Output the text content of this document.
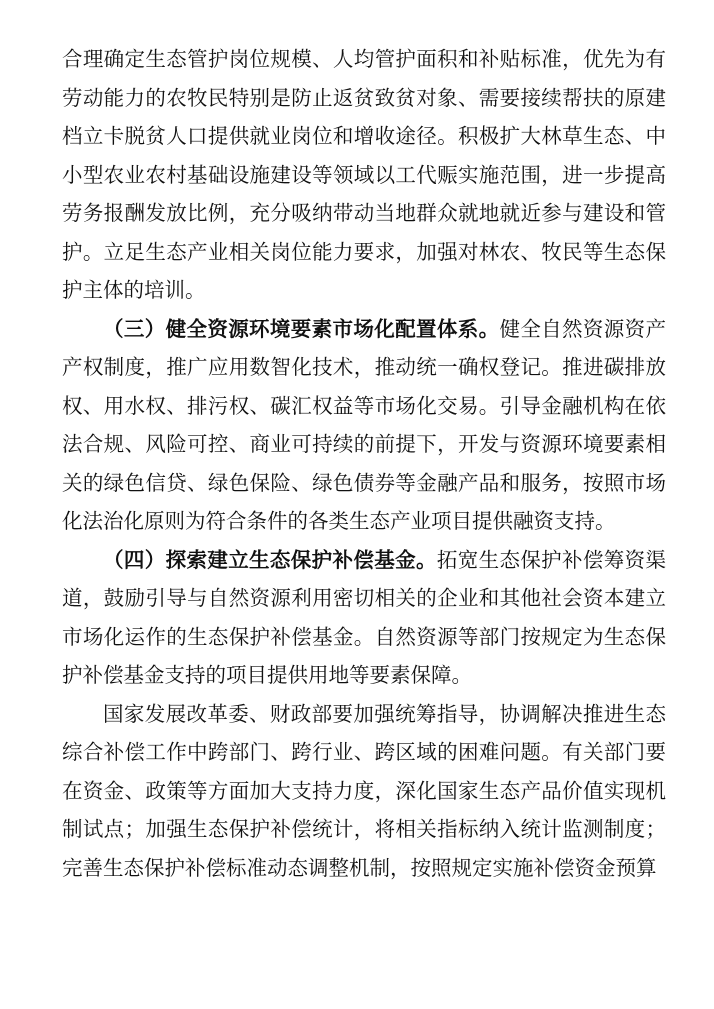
合理确定生态管护岗位规模、人均管护面积和补贴标准，优先为有劳动能力的农牧民特别是防止返贫致贫对象、需要接续帮扶的原建档立卡脱贫人口提供就业岗位和增收途径。积极扩大林草生态、中小型农业农村基础设施建设等领域以工代赈实施范围，进一步提高劳务报酬发放比例，充分吸纳带动当地群众就地就近参与建设和管护。立足生态产业相关岗位能力要求，加强对林农、牧民等生态保护主体的培训。

（三）健全资源环境要素市场化配置体系。健全自然资源资产产权制度，推广应用数智化技术，推动统一确权登记。推进碳排放权、用水权、排污权、碳汇权益等市场化交易。引导金融机构在依法合规、风险可控、商业可持续的前提下，开发与资源环境要素相关的绿色信贷、绿色保险、绿色债券等金融产品和服务，按照市场化法治化原则为符合条件的各类生态产业项目提供融资支持。

（四）探索建立生态保护补偿基金。拓宽生态保护补偿筹资渠道，鼓励引导与自然资源利用密切相关的企业和其他社会资本建立市场化运作的生态保护补偿基金。自然资源等部门按规定为生态保护补偿基金支持的项目提供用地等要素保障。

国家发展改革委、财政部要加强统筹指导，协调解决推进生态综合补偿工作中跨部门、跨行业、跨区域的困难问题。有关部门要在资金、政策等方面加大支持力度，深化国家生态产品价值实现机制试点；加强生态保护补偿统计，将相关指标纳入统计监测制度；完善生态保护补偿标准动态调整机制，按照规定实施补偿资金预算
